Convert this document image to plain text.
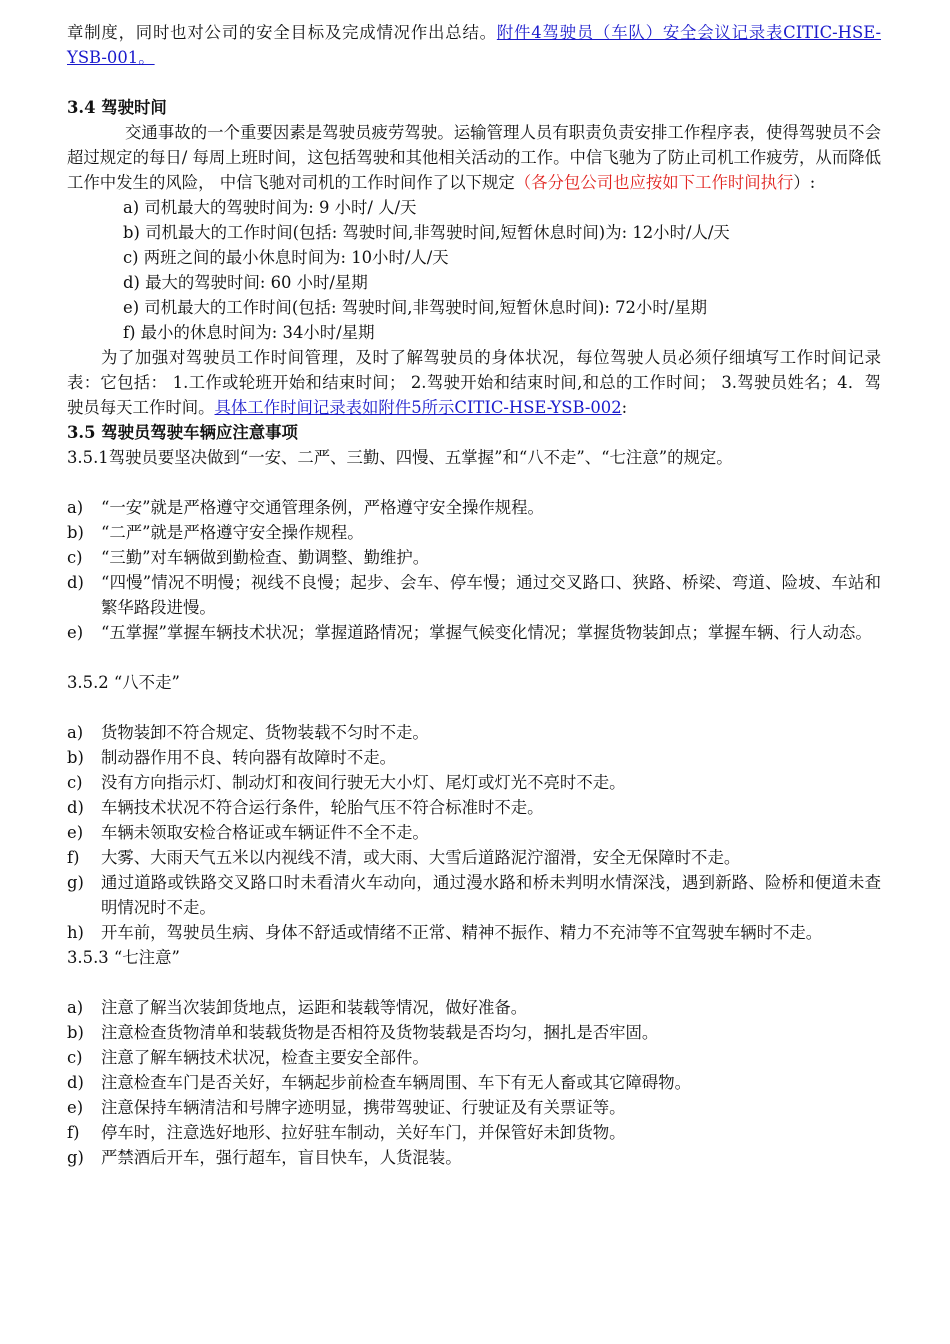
章制度，同时也对公司的安全目标及完成情况作出总结。附件4驾驶员（车队）安全会议记录表CITIC-HSE-YSB-001。

3.4 驾驶时间

交通事故的一个重要因素是驾驶员疲劳驾驶。运输管理人员有职责负责安排工作程序表，使得驾驶员不会超过规定的每日/ 每周上班时间，这包括驾驶和其他相关活动的工作。中信飞驰为了防止司机工作疲劳，从而降低工作中发生的风险， 中信飞驰对司机的工作时间作了以下规定（各分包公司也应按如下工作时间执行）:

a) 司机最大的驾驶时间为: 9 小时/ 人/天

b) 司机最大的工作时间(包括: 驾驶时间,非驾驶时间,短暂休息时间)为: 12小时/人/天

c) 两班之间的最小休息时间为: 10小时/人/天

d) 最大的驾驶时间: 60 小时/星期

e) 司机最大的工作时间(包括: 驾驶时间,非驾驶时间,短暂休息时间): 72小时/星期

f) 最小的休息时间为: 34小时/星期

为了加强对驾驶员工作时间管理，及时了解驾驶员的身体状况，每位驾驶人员必须仔细填写工作时间记录表：它包括： 1.工作或轮班开始和结束时间； 2.驾驶开始和结束时间,和总的工作时间； 3.驾驶员姓名；4．驾驶员每天工作时间。具体工作时间记录表如附件5所示CITIC-HSE-YSB-002:

3.5 驾驶员驾驶车辆应注意事项

3.5.1驾驶员要坚决做到“一安、二严、三勤、四慢、五掌握”和“八不走”、“七注意”的规定。

a)	“一安”就是严格遵守交通管理条例，严格遵守安全操作规程。

b)	“二严”就是严格遵守安全操作规程。

c)	“三勤”对车辆做到勤检查、勤调整、勤维护。

d)	“四慢”情况不明慢；视线不良慢；起步、会车、停车慢；通过交叉路口、狭路、桥梁、弯道、险坡、车站和繁华路段进慢。

e)	“五掌握”掌握车辆技术状况；掌握道路情况；掌握气候变化情况；掌握货物装卸点；掌握车辆、行人动态。

3.5.2 “八不走”

a)	货物装卸不符合规定、货物装载不匀时不走。

b)	制动器作用不良、转向器有故障时不走。

c)	没有方向指示灯、制动灯和夜间行驶无大小灯、尾灯或灯光不亮时不走。

d)	车辆技术状况不符合运行条件，轮胎气压不符合标准时不走。

e)	车辆未领取安检合格证或车辆证件不全不走。

f)	大雾、大雨天气五米以内视线不清，或大雨、大雪后道路泥泞溜滑，安全无保障时不走。

g)	通过道路或铁路交叉路口时未看清火车动向，通过漫水路和桥未判明水情深浅，遇到新路、险桥和便道未查明情况时不走。

h)	开车前，驾驶员生病、身体不舒适或情绪不正常、精神不振作、精力不充沛等不宜驾驶车辆时不走。

3.5.3 “七注意”

a)	注意了解当次装卸货地点，运距和装载等情况，做好准备。

b)	注意检查货物清单和装载货物是否相符及货物装载是否均匀，捆扎是否牢固。

c)	注意了解车辆技术状况，检查主要安全部件。

d)	注意检查车门是否关好，车辆起步前检查车辆周围、车下有无人畜或其它障碍物。

e)	注意保持车辆清洁和号牌字迹明显，携带驾驶证、行驶证及有关票证等。

f)	停车时，注意选好地形、拉好驻车制动，关好车门，并保管好未卸货物。

g)	严禁酒后开车，强行超车，盲目快车，人货混装。
